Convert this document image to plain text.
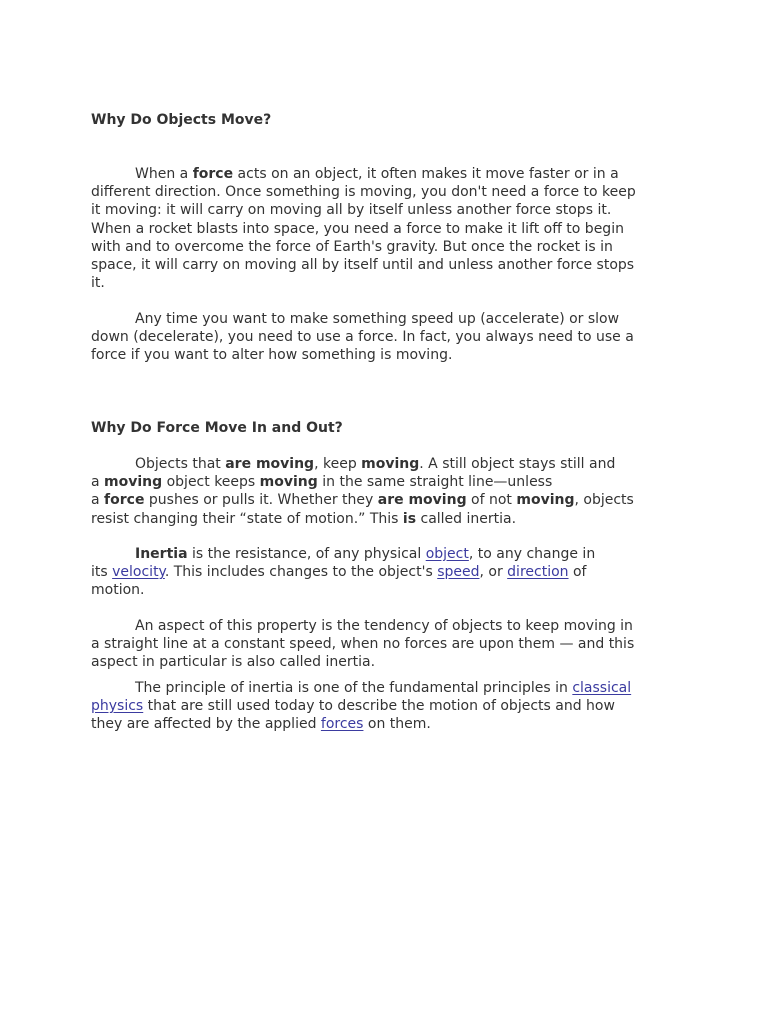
Why Do Objects Move?
When a force acts on an object, it often makes it move faster or in a
different direction. Once something is moving, you don't need a force to keep
it moving: it will carry on moving all by itself unless another force stops it.
When a rocket blasts into space, you need a force to make it lift off to begin
with and to overcome the force of Earth's gravity. But once the rocket is in
space, it will carry on moving all by itself until and unless another force stops
it.
Any time you want to make something speed up (accelerate) or slow
down (decelerate), you need to use a force. In fact, you always need to use a
force if you want to alter how something is moving.
Why Do Force Move In and Out?
Objects that are moving, keep moving. A still object stays still and
a moving object keeps moving in the same straight line—unless
a force pushes or pulls it. Whether they are moving of not moving, objects
resist changing their “state of motion.” This is called inertia.
Inertia is the resistance, of any physical object, to any change in
its velocity. This includes changes to the object's speed, or direction of
motion.
An aspect of this property is the tendency of objects to keep moving in
a straight line at a constant speed, when no forces are upon them — and this
aspect in particular is also called inertia.
The principle of inertia is one of the fundamental principles in classical
physics that are still used today to describe the motion of objects and how
they are affected by the applied forces on them.
